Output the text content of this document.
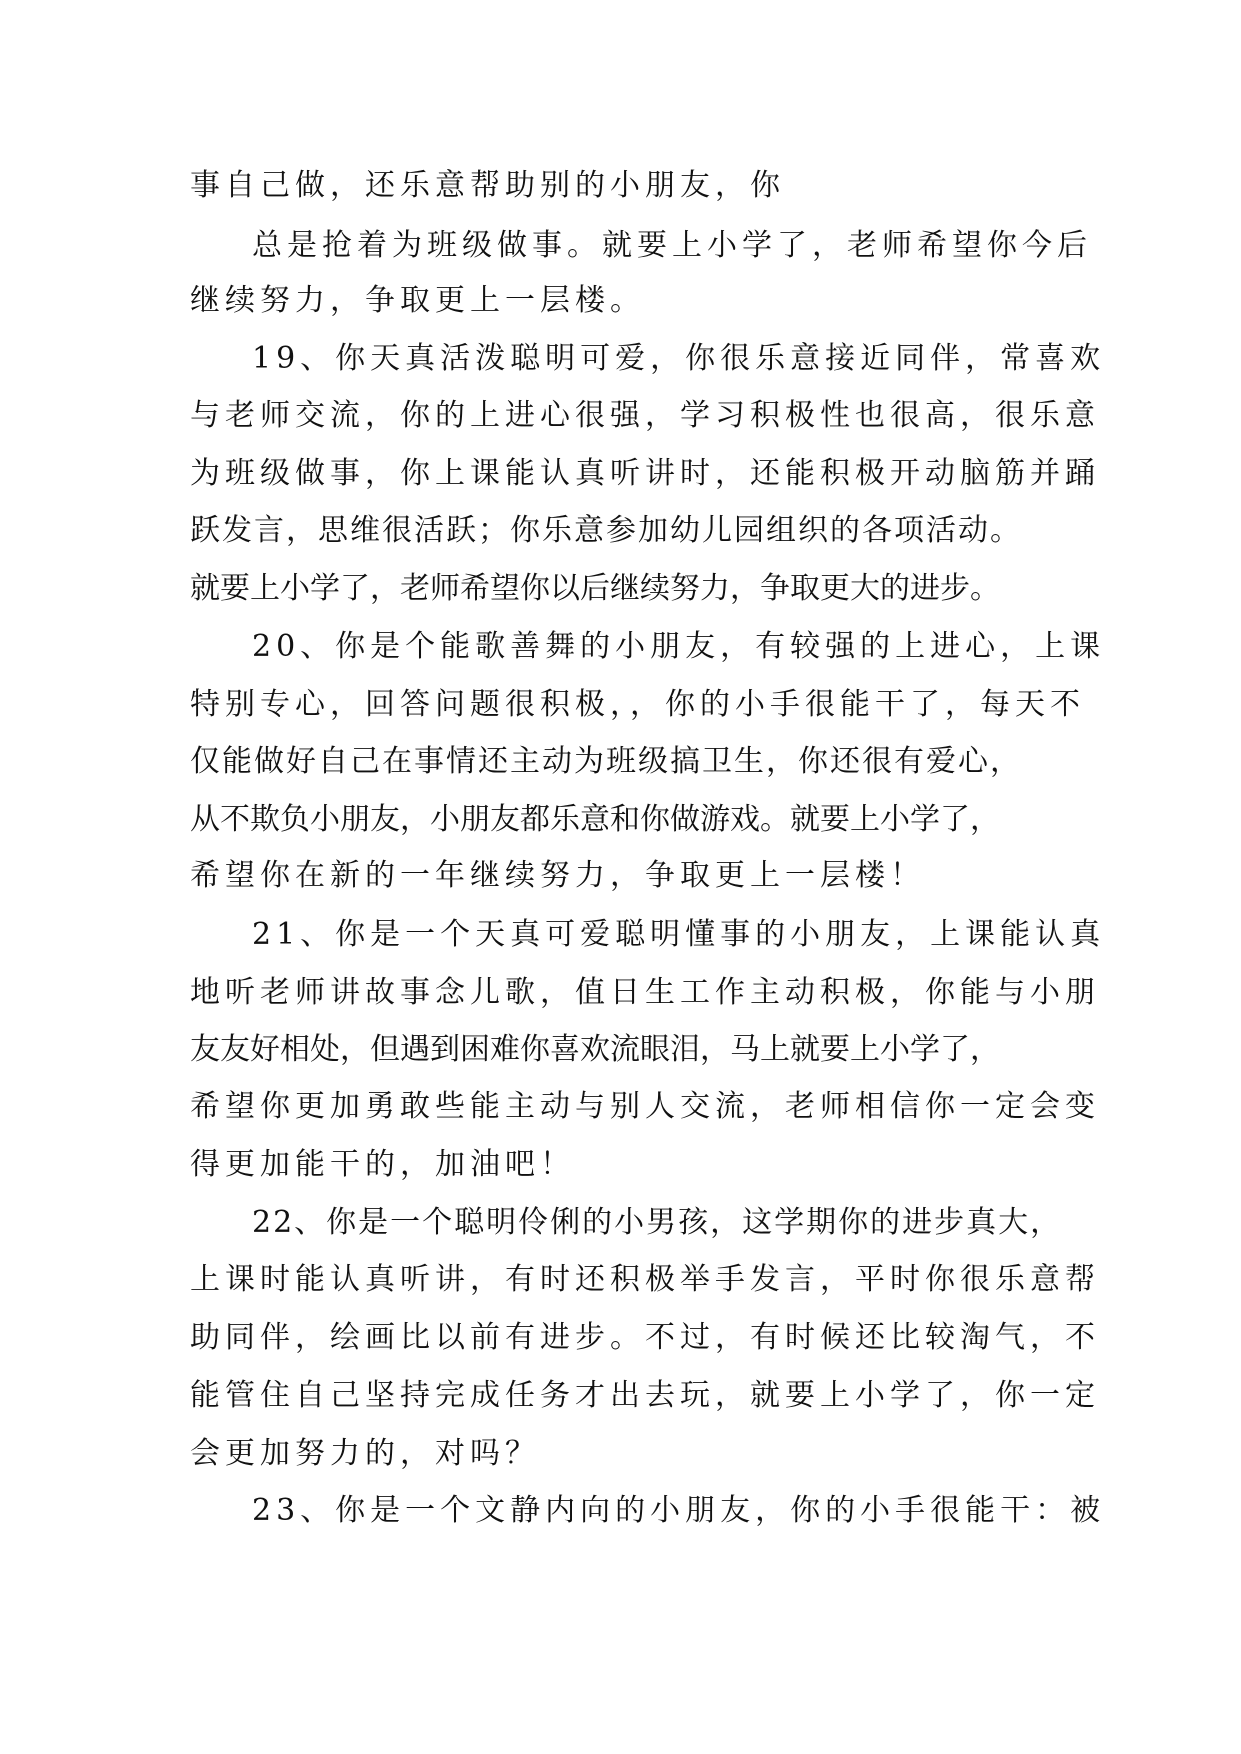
事自己做，还乐意帮助别的小朋友，你
总是抢着为班级做事。就要上小学了，老师希望你今后
继续努力，争取更上一层楼。
19、你天真活泼聪明可爱，你很乐意接近同伴，常喜欢
与老师交流，你的上进心很强，学习积极性也很高，很乐意
为班级做事，你上课能认真听讲时，还能积极开动脑筋并踊
跃发言，思维很活跃；你乐意参加幼儿园组织的各项活动。
就要上小学了，老师希望你以后继续努力，争取更大的进步。
20、你是个能歌善舞的小朋友，有较强的上进心，上课
特别专心，回答问题很积极，，你的小手很能干了，每天不
仅能做好自己在事情还主动为班级搞卫生，你还很有爱心，
从不欺负小朋友，小朋友都乐意和你做游戏。就要上小学了，
希望你在新的一年继续努力，争取更上一层楼！
21、你是一个天真可爱聪明懂事的小朋友，上课能认真
地听老师讲故事念儿歌，值日生工作主动积极，你能与小朋
友友好相处，但遇到困难你喜欢流眼泪，马上就要上小学了，
希望你更加勇敢些能主动与别人交流，老师相信你一定会变
得更加能干的，加油吧！
22、你是一个聪明伶俐的小男孩，这学期你的进步真大，
上课时能认真听讲，有时还积极举手发言，平时你很乐意帮
助同伴，绘画比以前有进步。不过，有时候还比较淘气，不
能管住自己坚持完成任务才出去玩，就要上小学了，你一定
会更加努力的，对吗？
23、你是一个文静内向的小朋友，你的小手很能干：被
